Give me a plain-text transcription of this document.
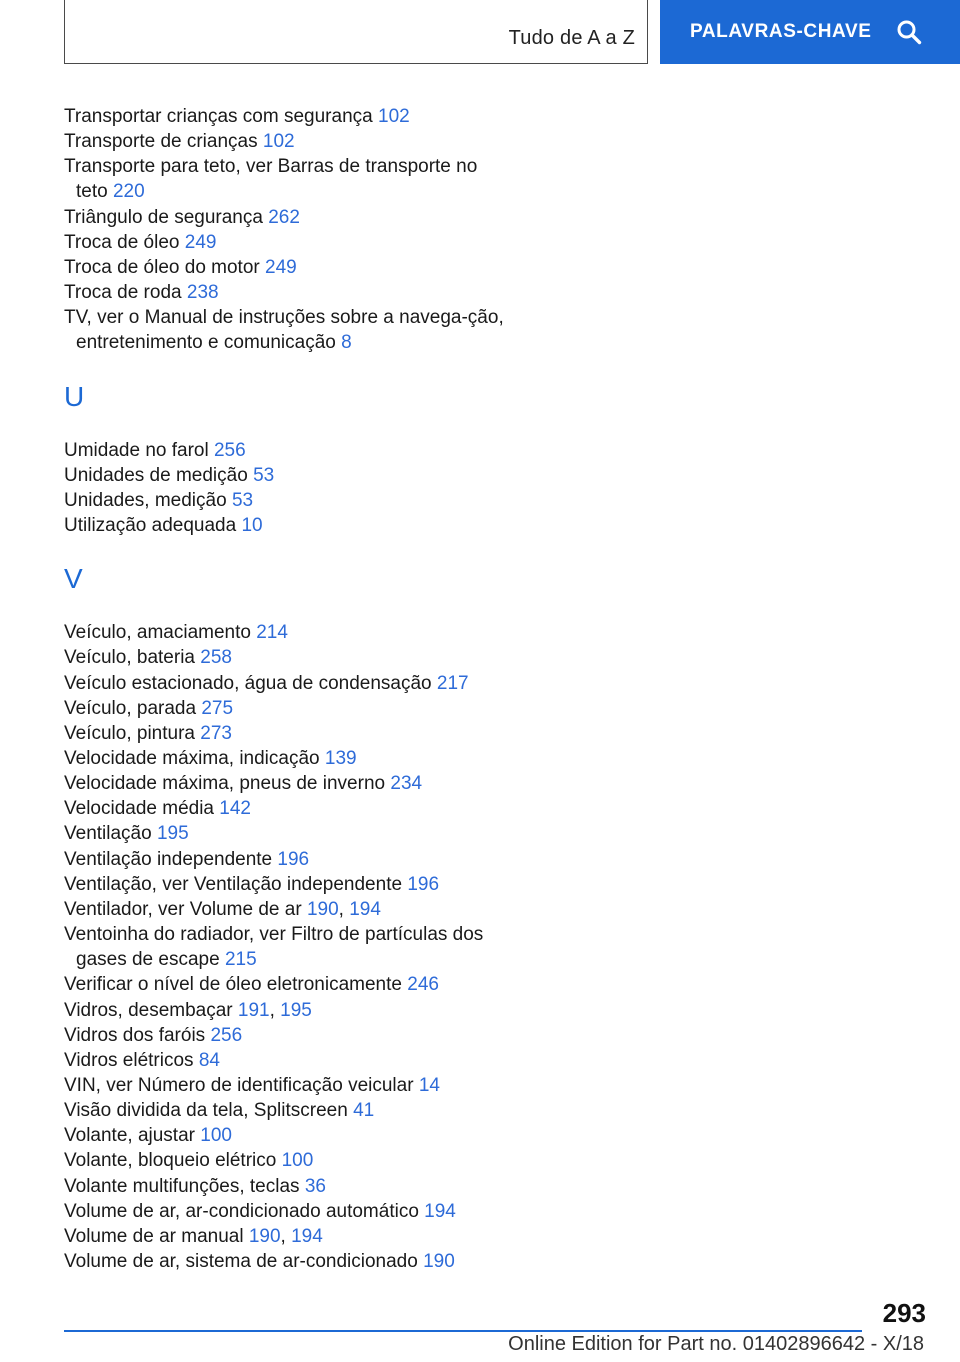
Tudo de A a Z	PALAVRAS-CHAVE

Transportar crianças com segurança 102

Transporte de crianças 102

Transporte para teto, ver Barras de transporte no teto 220

Triângulo de segurança 262

Troca de óleo 249

Troca de óleo do motor 249

Troca de roda 238

TV, ver o Manual de instruções sobre a navega-ção, entretenimento e comunicação 8

U

Umidade no farol 256

Unidades de medição 53

Unidades, medição 53

Utilização adequada 10

V

Veículo, amaciamento 214

Veículo, bateria 258

Veículo estacionado, água de condensação 217

Veículo, parada 275

Veículo, pintura 273

Velocidade máxima, indicação 139

Velocidade máxima, pneus de inverno 234

Velocidade média 142

Ventilação 195

Ventilação independente 196

Ventilação, ver Ventilação independente 196

Ventilador, ver Volume de ar 190, 194

Ventoinha do radiador, ver Filtro de partículas dos gases de escape 215

Verificar o nível de óleo eletronicamente 246

Vidros, desembaçar 191, 195

Vidros dos faróis 256

Vidros elétricos 84

VIN, ver Número de identificação veicular 14

Visão dividida da tela, Splitscreen 41

Volante, ajustar 100

Volante, bloqueio elétrico 100

Volante multifunções, teclas 36

Volume de ar, ar-condicionado automático 194

Volume de ar manual 190, 194

Volume de ar, sistema de ar-condicionado 190

293
Online Edition for Part no. 01402896642 - X/18
